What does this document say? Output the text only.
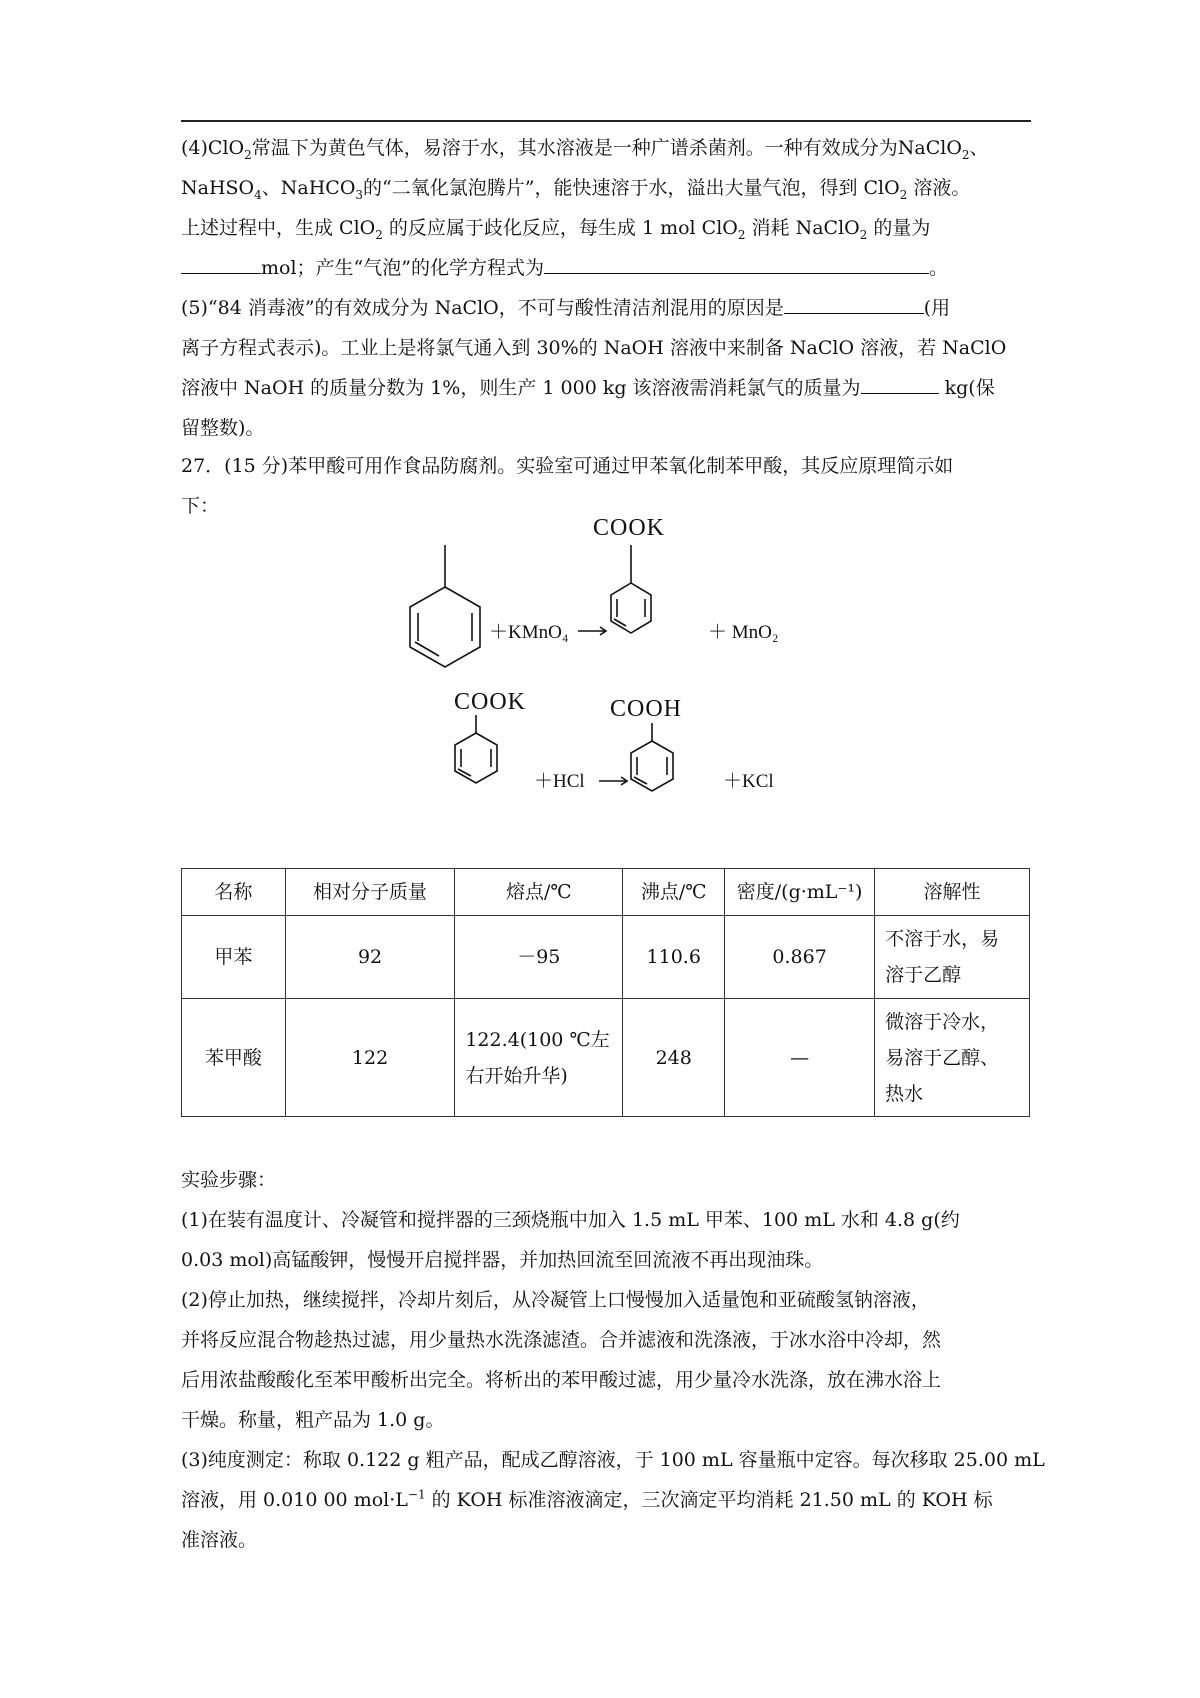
(4)ClO$_2$常温下为黄色气体，易溶于水，其水溶液是一种广谱杀菌剂。一种有效成分为NaClO$_2$、
NaHSO$_4$、NaHCO$_3$的“二氧化氯泡腾片”，能快速溶于水，溢出大量气泡，得到 ClO$_2$ 溶液。
上述过程中，生成 ClO$_2$ 的反应属于歧化反应，每生成 1 mol ClO$_2$ 消耗 NaClO$_2$ 的量为
mol；产生“气泡”的化学方程式为	。

(5)“84 消毒液”的有效成分为 NaClO，不可与酸性清洁剂混用的原因是	(用
离子方程式表示)。工业上是将氯气通入到 30%的 NaOH 溶液中来制备 NaClO 溶液，若 NaClO
溶液中 NaOH 的质量分数为 1%，则生产 1 000 kg 该溶液需消耗氯气的质量为	kg(保
留整数)。

27．(15 分)苯甲酸可用作食品防腐剂。实验室可通过甲苯氧化制苯甲酸，其反应原理简示如
下：

COOK
＋KMnO₄	＋ MnO₂
COOK	COOH
＋HCl	＋KCl
名称	相对分子质量	熔点/℃	沸点/℃	密度/(g·mL⁻¹)	溶解性
甲苯	92	－95	110.6	0.867	不溶于水，易
溶于乙醇

苯甲酸	122	122.4(100 ℃左
右开始升华)	248	—	微溶于冷水，
易溶于乙醇、
热水

实验步骤：
(1)在装有温度计、冷凝管和搅拌器的三颈烧瓶中加入 1.5 mL 甲苯、100 mL 水和 4.8 g(约
0.03 mol)高锰酸钾，慢慢开启搅拌器，并加热回流至回流液不再出现油珠。
(2)停止加热，继续搅拌，冷却片刻后，从冷凝管上口慢慢加入适量饱和亚硫酸氢钠溶液，
并将反应混合物趁热过滤，用少量热水洗涤滤渣。合并滤液和洗涤液，于冰水浴中冷却，然
后用浓盐酸酸化至苯甲酸析出完全。将析出的苯甲酸过滤，用少量冷水洗涤，放在沸水浴上
干燥。称量，粗产品为 1.0 g。
(3)纯度测定：称取 0.122 g 粗产品，配成乙醇溶液，于 100 mL 容量瓶中定容。每次移取 25.00 mL
溶液，用 0.010 00 $mol\cdot L^{-1}$ 的 KOH 标准溶液滴定，三次滴定平均消耗 21.50 mL 的 KOH 标
准溶液。
